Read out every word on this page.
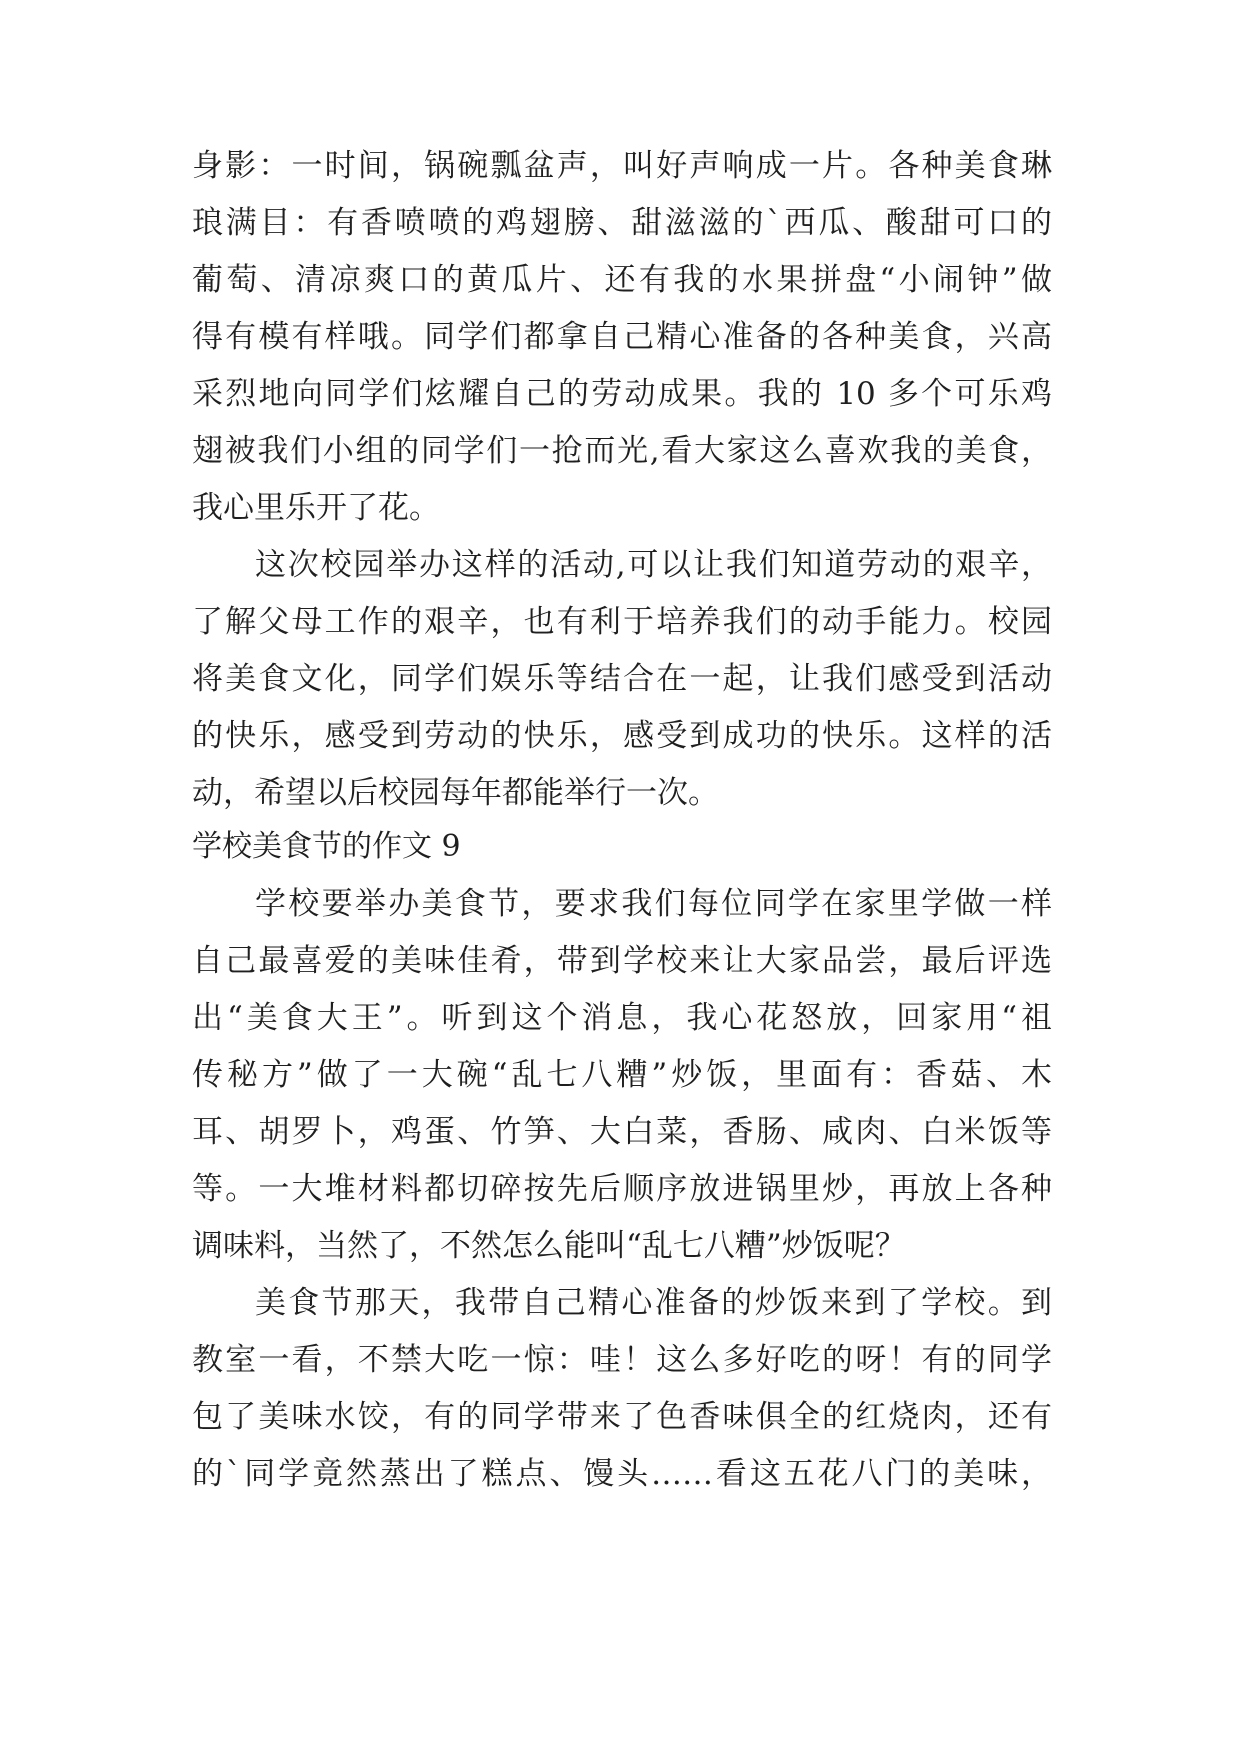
身影：一时间，锅碗瓢盆声，叫好声响成一片。各种美食琳
琅满目：有香喷喷的鸡翅膀、甜滋滋的`西瓜、酸甜可口的
葡萄、清凉爽口的黄瓜片、还有我的水果拼盘“小闹钟”做
得有模有样哦。同学们都拿自己精心准备的各种美食，兴高
采烈地向同学们炫耀自己的劳动成果。我的 10 多个可乐鸡
翅被我们小组的同学们一抢而光,看大家这么喜欢我的美食，
我心里乐开了花。
这次校园举办这样的活动,可以让我们知道劳动的艰辛，
了解父母工作的艰辛，也有利于培养我们的动手能力。校园
将美食文化，同学们娱乐等结合在一起，让我们感受到活动
的快乐，感受到劳动的快乐，感受到成功的快乐。这样的活
动，希望以后校园每年都能举行一次。
学校美食节的作文 9
学校要举办美食节，要求我们每位同学在家里学做一样
自己最喜爱的美味佳肴，带到学校来让大家品尝，最后评选
出“美食大王”。听到这个消息，我心花怒放，回家用“祖
传秘方”做了一大碗“乱七八糟”炒饭，里面有：香菇、木
耳、胡罗卜，鸡蛋、竹笋、大白菜，香肠、咸肉、白米饭等
等。一大堆材料都切碎按先后顺序放进锅里炒，再放上各种
调味料，当然了，不然怎么能叫“乱七八糟”炒饭呢？
美食节那天，我带自己精心准备的炒饭来到了学校。到
教室一看，不禁大吃一惊：哇！这么多好吃的呀！有的同学
包了美味水饺，有的同学带来了色香味俱全的红烧肉，还有
的`同学竟然蒸出了糕点、馒头……看这五花八门的美味，
